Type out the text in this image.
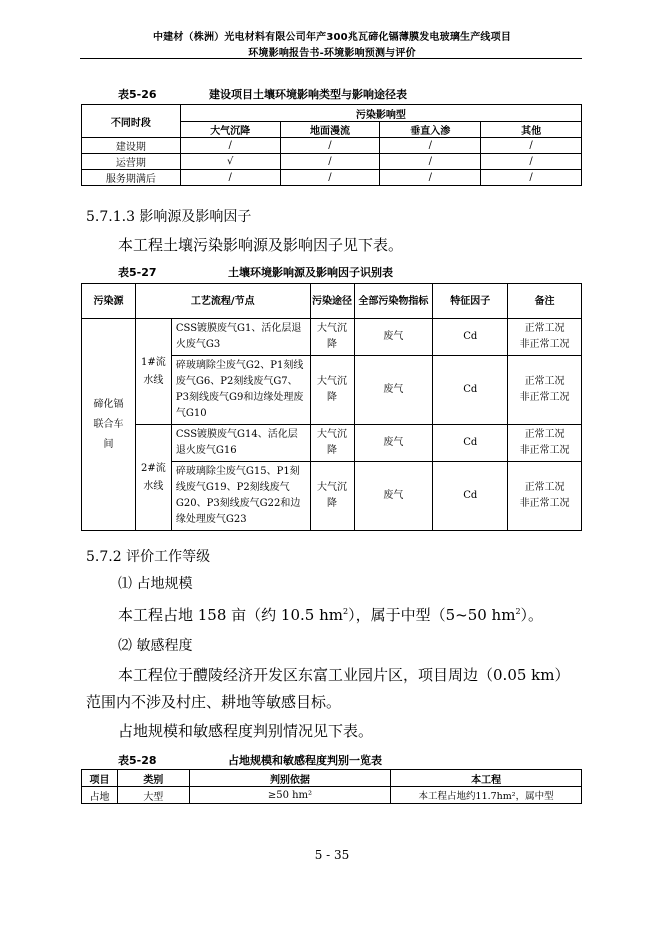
中建材（株洲）光电材料有限公司年产300兆瓦碲化镉薄膜发电玻璃生产线项目
环境影响报告书-环境影响预测与评价
表5-26	建设项目土壤环境影响类型与影响途径表
不同时段	污染影响型			
	大气沉降	地面漫流	垂直入渗	其他
建设期	/	/	/	/
运营期	√	/	/	/
服务期满后	/	/	/	/
5.7.1.3 影响源及影响因子
本工程土壤污染影响源及影响因子见下表。
表5-27	土壤环境影响源及影响因子识别表
污染源	工艺流程/节点		污染途径	全部污染物指标	特征因子	备注
碲化镉联合车间	1#流水线	CSS镀膜废气G1、活化层退火废气G3	大气沉降	废气	Cd	正常工况
非正常工况
		碎玻璃除尘废气G2、P1刻线废气G6、P2刻线废气G7、P3刻线废气G9和边缘处理废气G10	大气沉降	废气	Cd	正常工况
非正常工况
	2#流水线	CSS镀膜废气G14、活化层退火废气G16	大气沉降	废气	Cd	正常工况
非正常工况
		碎玻璃除尘废气G15、P1刻线废气G19、P2刻线废气G20、P3刻线废气G22和边缘处理废气G23	大气沉降	废气	Cd	正常工况
非正常工况
5.7.2 评价工作等级
⑴ 占地规模
本工程占地 158 亩（约 10.5 $hm^2$），属于中型（5~50 $hm^2$）。
⑵ 敏感程度
本工程位于醴陵经济开发区东富工业园片区，项目周边（0.05 km）
范围内不涉及村庄、耕地等敏感目标。
占地规模和敏感程度判别情况见下表。
表5-28	占地规模和敏感程度判别一览表
项目	类别	判别依据	本工程
占地	大型	≥50 hm²	本工程占地约11.7hm²，属中型
5 - 35
